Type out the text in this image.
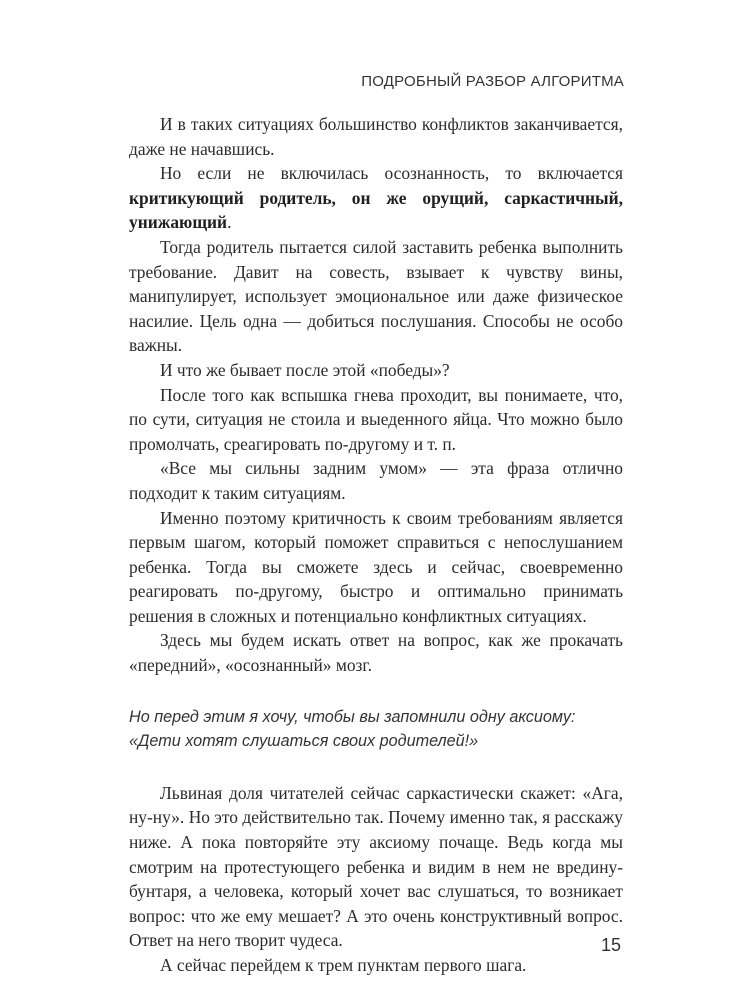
ПОДРОБНЫЙ РАЗБОР АЛГОРИТМА

И в таких ситуациях большинство конфликтов заканчивается, даже не начавшись.

Но если не включилась осознанность, то включается критикующий родитель, он же орущий, саркастичный, унижающий.

Тогда родитель пытается силой заставить ребенка выполнить требование. Давит на совесть, взывает к чувству вины, манипулирует, использует эмоциональное или даже физическое насилие. Цель одна — добиться послушания. Способы не особо важны.

И что же бывает после этой «победы»?

После того как вспышка гнева проходит, вы понимаете, что, по сути, ситуация не стоила и выеденного яйца. Что можно было промолчать, среагировать по-другому и т. п.

«Все мы сильны задним умом» — эта фраза отлично подходит к таким ситуациям.

Именно поэтому критичность к своим требованиям является первым шагом, который поможет справиться с непослушанием ребенка. Тогда вы сможете здесь и сейчас, своевременно реагировать по-другому, быстро и оптимально принимать решения в сложных и потенциально конфликтных ситуациях.

Здесь мы будем искать ответ на вопрос, как же прокачать «передний», «осознанный» мозг.

Но перед этим я хочу, чтобы вы запомнили одну аксиому: «Дети хотят слушаться своих родителей!»

Львиная доля читателей сейчас саркастически скажет: «Ага, ну-ну». Но это действительно так. Почему именно так, я расскажу ниже. А пока повторяйте эту аксиому почаще. Ведь когда мы смотрим на протестующего ребенка и видим в нем не вредину-бунтаря, а человека, который хочет вас слушаться, то возникает вопрос: что же ему мешает? А это очень конструктивный вопрос. Ответ на него творит чудеса.

А сейчас перейдем к трем пунктам первого шага.

15
